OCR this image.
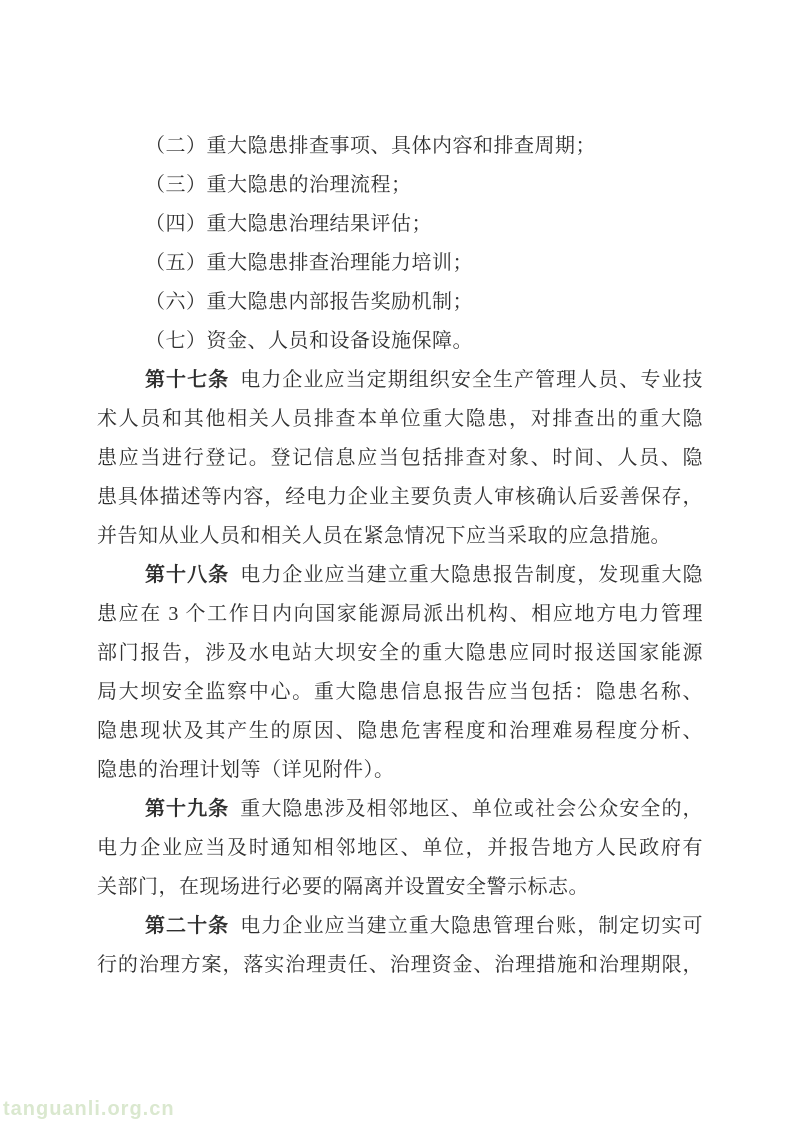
（二）重大隐患排查事项、具体内容和排查周期；
（三）重大隐患的治理流程；
（四）重大隐患治理结果评估；
（五）重大隐患排查治理能力培训；
（六）重大隐患内部报告奖励机制；
（七）资金、人员和设备设施保障。
第十七条 电力企业应当定期组织安全生产管理人员、专业技
术人员和其他相关人员排查本单位重大隐患，对排查出的重大隐
患应当进行登记。登记信息应当包括排查对象、时间、人员、隐
患具体描述等内容，经电力企业主要负责人审核确认后妥善保存，
并告知从业人员和相关人员在紧急情况下应当采取的应急措施。
第十八条 电力企业应当建立重大隐患报告制度，发现重大隐
患应在 3 个工作日内向国家能源局派出机构、相应地方电力管理
部门报告，涉及水电站大坝安全的重大隐患应同时报送国家能源
局大坝安全监察中心。重大隐患信息报告应当包括：隐患名称、
隐患现状及其产生的原因、隐患危害程度和治理难易程度分析、
隐患的治理计划等（详见附件）。
第十九条 重大隐患涉及相邻地区、单位或社会公众安全的，
电力企业应当及时通知相邻地区、单位，并报告地方人民政府有
关部门，在现场进行必要的隔离并设置安全警示标志。
第二十条 电力企业应当建立重大隐患管理台账，制定切实可
行的治理方案，落实治理责任、治理资金、治理措施和治理期限，
tanguanli.org.cn
